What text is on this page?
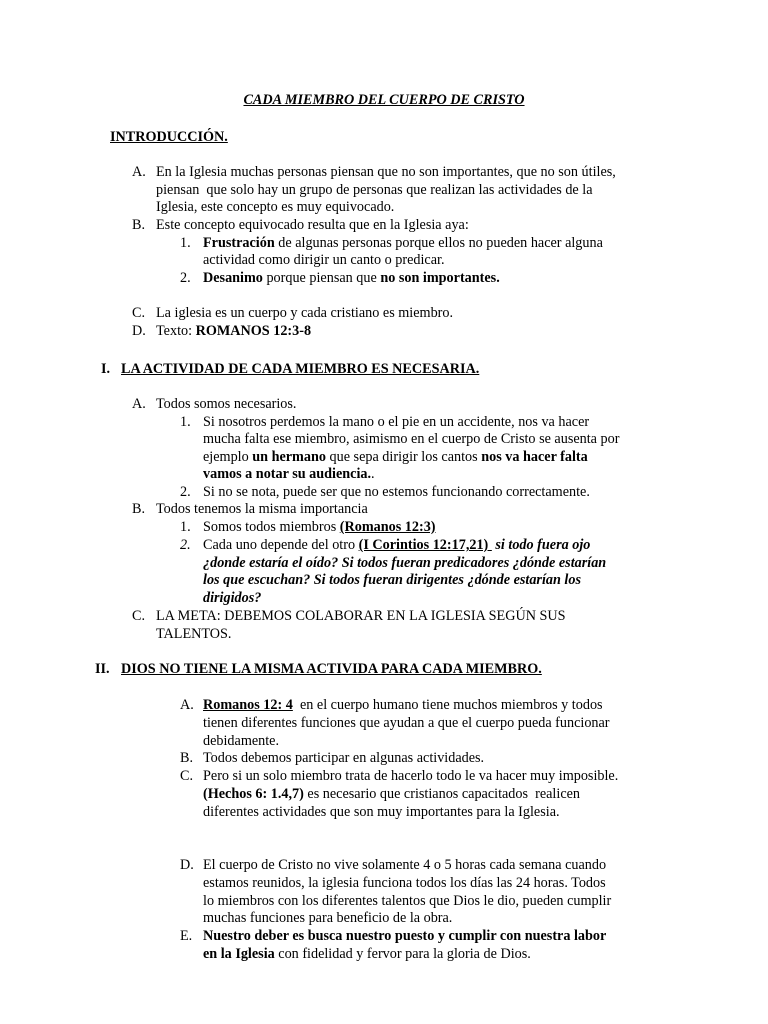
CADA MIEMBRO DEL CUERPO DE CRISTO
INTRODUCCIÓN.
A. En la Iglesia muchas personas piensan que no son importantes, que no son útiles,
piensan  que solo hay un grupo de personas que realizan las actividades de la
Iglesia, este concepto es muy equivocado.
B. Este concepto equivocado resulta que en la Iglesia aya:
1. Frustración de algunas personas porque ellos no pueden hacer alguna
actividad como dirigir un canto o predicar.
2. Desanimo porque piensan que no son importantes.
C. La iglesia es un cuerpo y cada cristiano es miembro.
D. Texto: ROMANOS 12:3-8
I. LA ACTIVIDAD DE CADA MIEMBRO ES NECESARIA.
A. Todos somos necesarios.
1. Si nosotros perdemos la mano o el pie en un accidente, nos va hacer
mucha falta ese miembro, asimismo en el cuerpo de Cristo se ausenta por
ejemplo un hermano que sepa dirigir los cantos nos va hacer falta
vamos a notar su audiencia..
2. Si no se nota, puede ser que no estemos funcionando correctamente.
B. Todos tenemos la misma importancia
1. Somos todos miembros (Romanos 12:3)
2. Cada uno depende del otro (I Corintios 12:17,21)  si todo fuera ojo
¿donde estaría el oído? Si todos fueran predicadores ¿dónde estarían
los que escuchan? Si todos fueran dirigentes ¿dónde estarían los
dirigidos?
C. LA META: DEBEMOS COLABORAR EN LA IGLESIA SEGÚN SUS
TALENTOS.
II. DIOS NO TIENE LA MISMA ACTIVIDA PARA CADA MIEMBRO.
A. Romanos 12: 4  en el cuerpo humano tiene muchos miembros y todos
tienen diferentes funciones que ayudan a que el cuerpo pueda funcionar
debidamente.
B. Todos debemos participar en algunas actividades.
C. Pero si un solo miembro trata de hacerlo todo le va hacer muy imposible.
(Hechos 6: 1.4,7) es necesario que cristianos capacitados  realicen
diferentes actividades que son muy importantes para la Iglesia.
D. El cuerpo de Cristo no vive solamente 4 o 5 horas cada semana cuando
estamos reunidos, la iglesia funciona todos los días las 24 horas. Todos
lo miembros con los diferentes talentos que Dios le dio, pueden cumplir
muchas funciones para beneficio de la obra.
E. Nuestro deber es busca nuestro puesto y cumplir con nuestra labor
en la Iglesia con fidelidad y fervor para la gloria de Dios.
